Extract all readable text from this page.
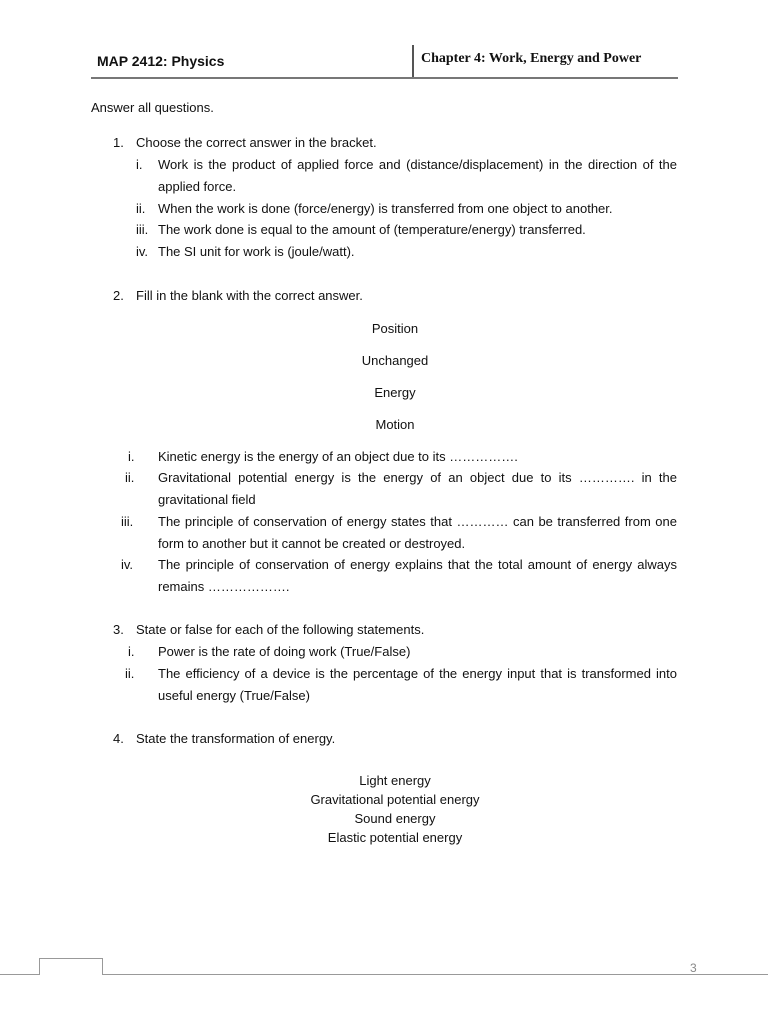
MAP 2412: Physics	Chapter 4: Work, Energy and Power
Answer all questions.
1. Choose the correct answer in the bracket.
i. Work is the product of applied force and (distance/displacement) in the direction of the applied force.
ii. When the work is done (force/energy) is transferred from one object to another.
iii. The work done is equal to the amount of (temperature/energy) transferred.
iv. The SI unit for work is (joule/watt).
2. Fill in the blank with the correct answer.
Position
Unchanged
Energy
Motion
i. Kinetic energy is the energy of an object due to its …………….
ii. Gravitational potential energy is the energy of an object due to its …………. in the gravitational field
iii. The principle of conservation of energy states that ………… can be transferred from one form to another but it cannot be created or destroyed.
iv. The principle of conservation of energy explains that the total amount of energy always remains ……………….
3. State or false for each of the following statements.
i. Power is the rate of doing work (True/False)
ii. The efficiency of a device is the percentage of the energy input that is transformed into useful energy (True/False)
4. State the transformation of energy.
Light energy
Gravitational potential energy
Sound energy
Elastic potential energy
3
